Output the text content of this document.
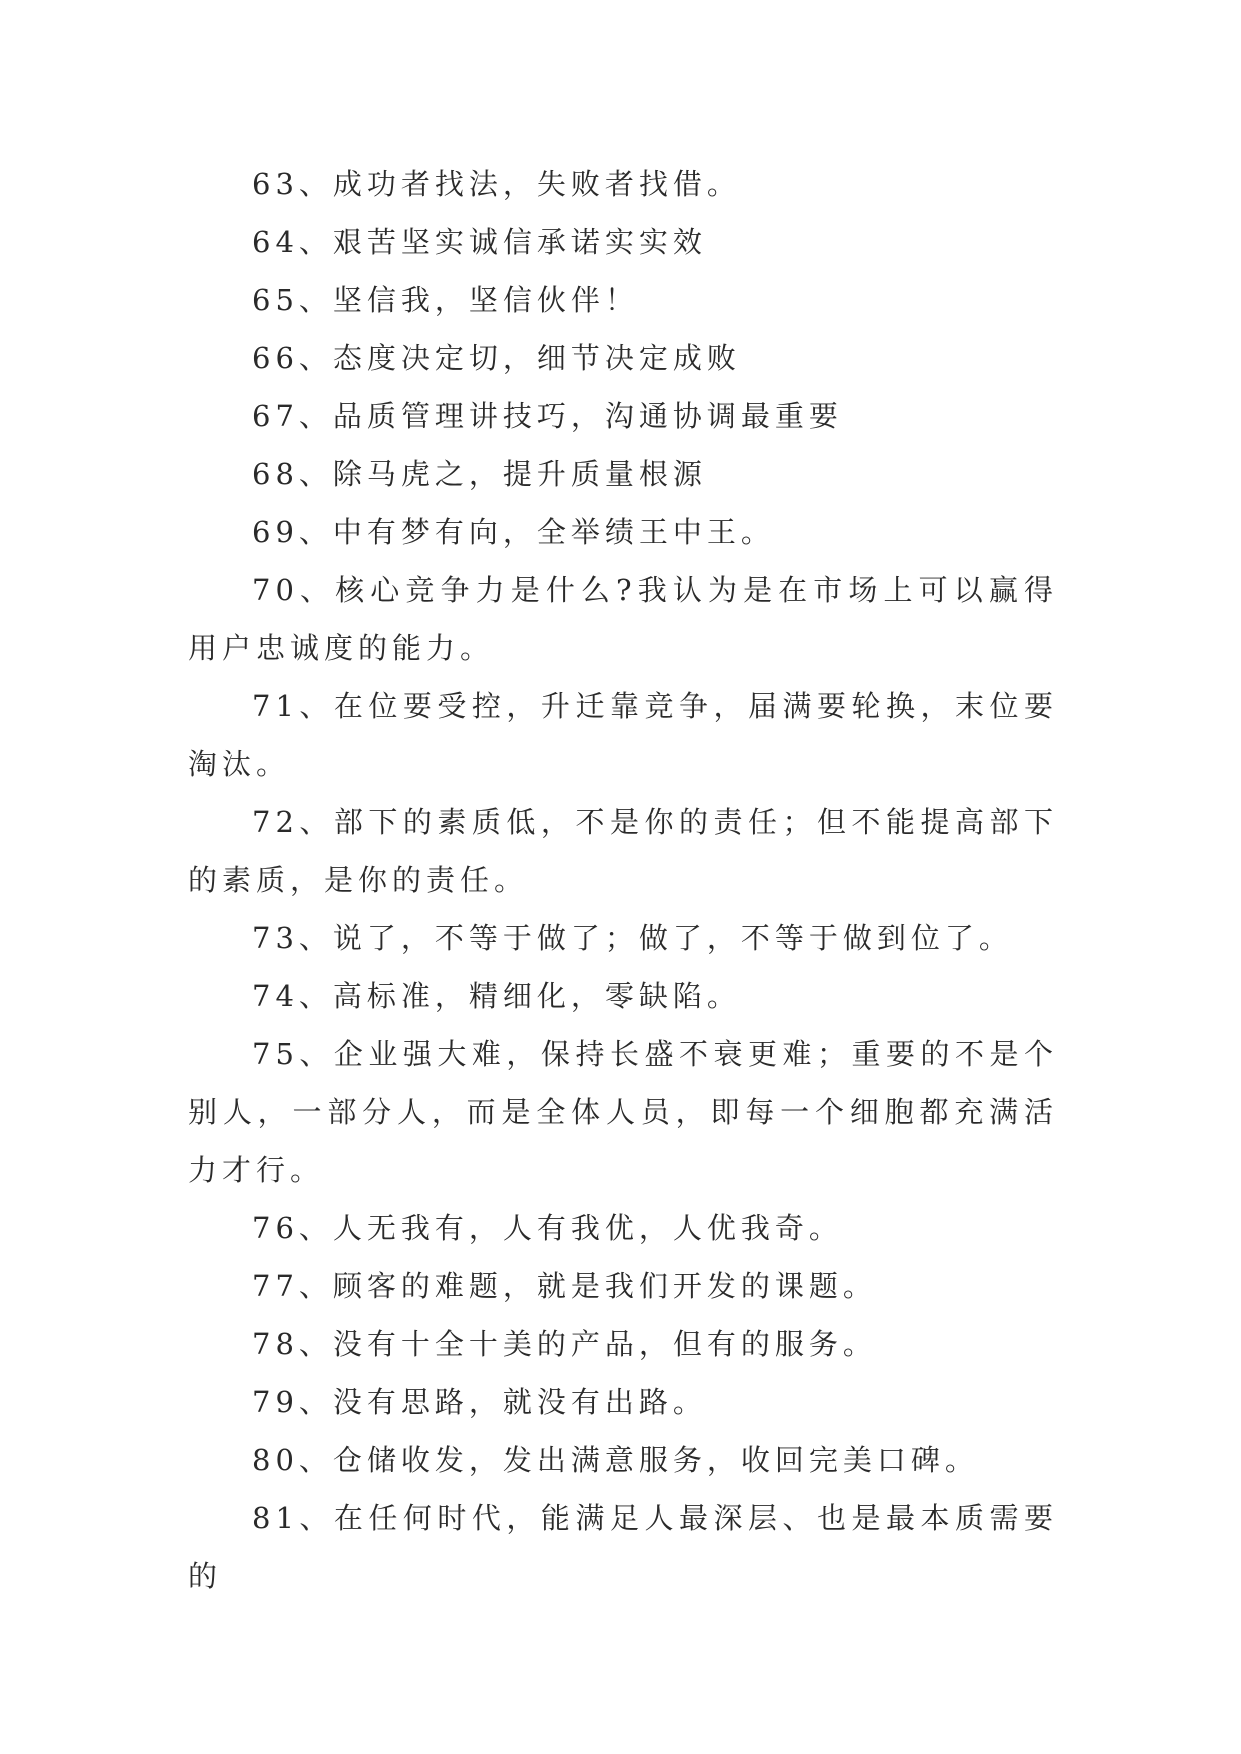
63、成功者找法，失败者找借。

64、艰苦坚实诚信承诺实实效

65、坚信我，坚信伙伴！

66、态度决定切，细节决定成败

67、品质管理讲技巧，沟通协调最重要

68、除马虎之，提升质量根源

69、中有梦有向，全举绩王中王。

70、核心竞争力是什么?我认为是在市场上可以赢得用户忠诚度的能力。

71、在位要受控，升迁靠竞争，届满要轮换，末位要淘汰。

72、部下的素质低，不是你的责任；但不能提高部下的素质，是你的责任。

73、说了，不等于做了；做了，不等于做到位了。

74、高标准，精细化，零缺陷。

75、企业强大难，保持长盛不衰更难；重要的不是个别人，一部分人，而是全体人员，即每一个细胞都充满活力才行。

76、人无我有，人有我优，人优我奇。

77、顾客的难题，就是我们开发的课题。

78、没有十全十美的产品，但有的服务。

79、没有思路，就没有出路。

80、仓储收发，发出满意服务，收回完美口碑。

81、在任何时代，能满足人最深层、也是最本质需要的
